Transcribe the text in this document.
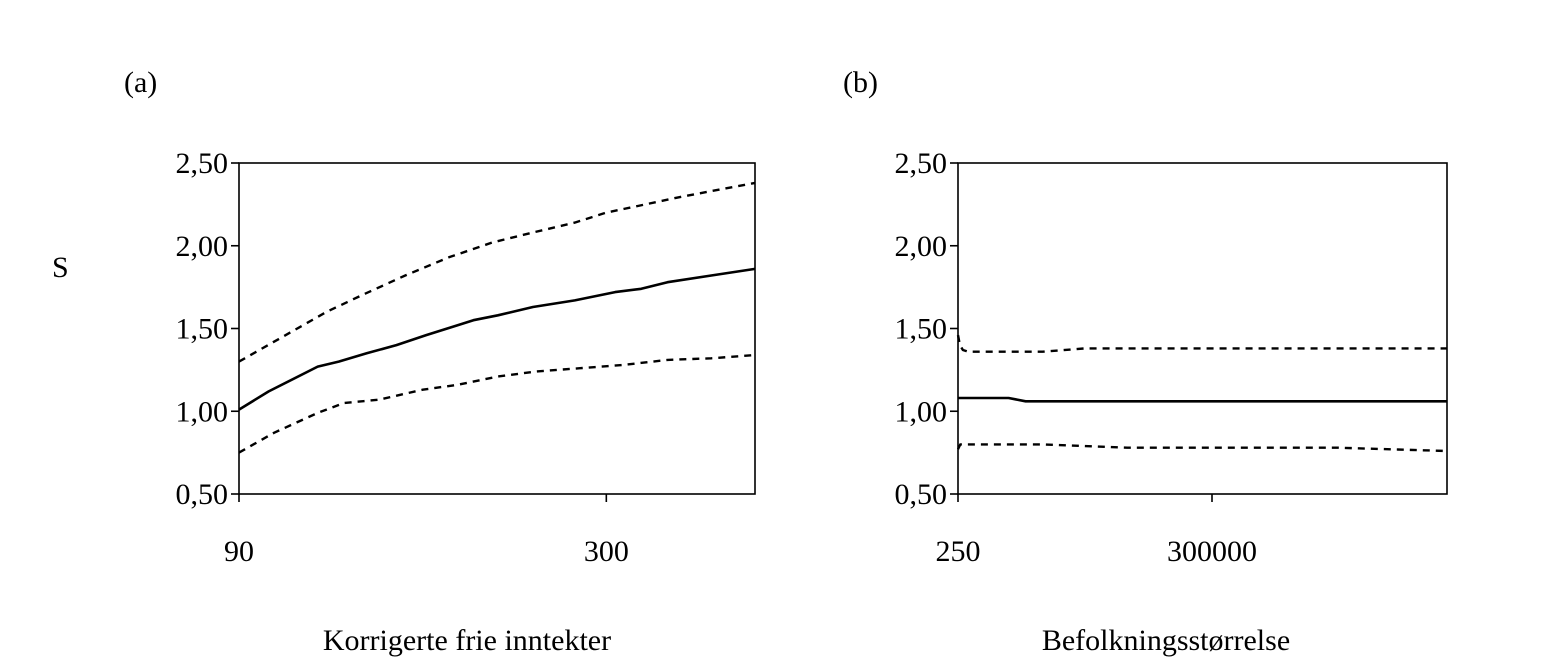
S
(a)
2,50
2,00
1,50
1,00
0,50
90	300
Korrigerte frie inntekter
(b)
2,50
2,00
1,50
1,00
0,50
250	300000
Befolkningsstørrelse
